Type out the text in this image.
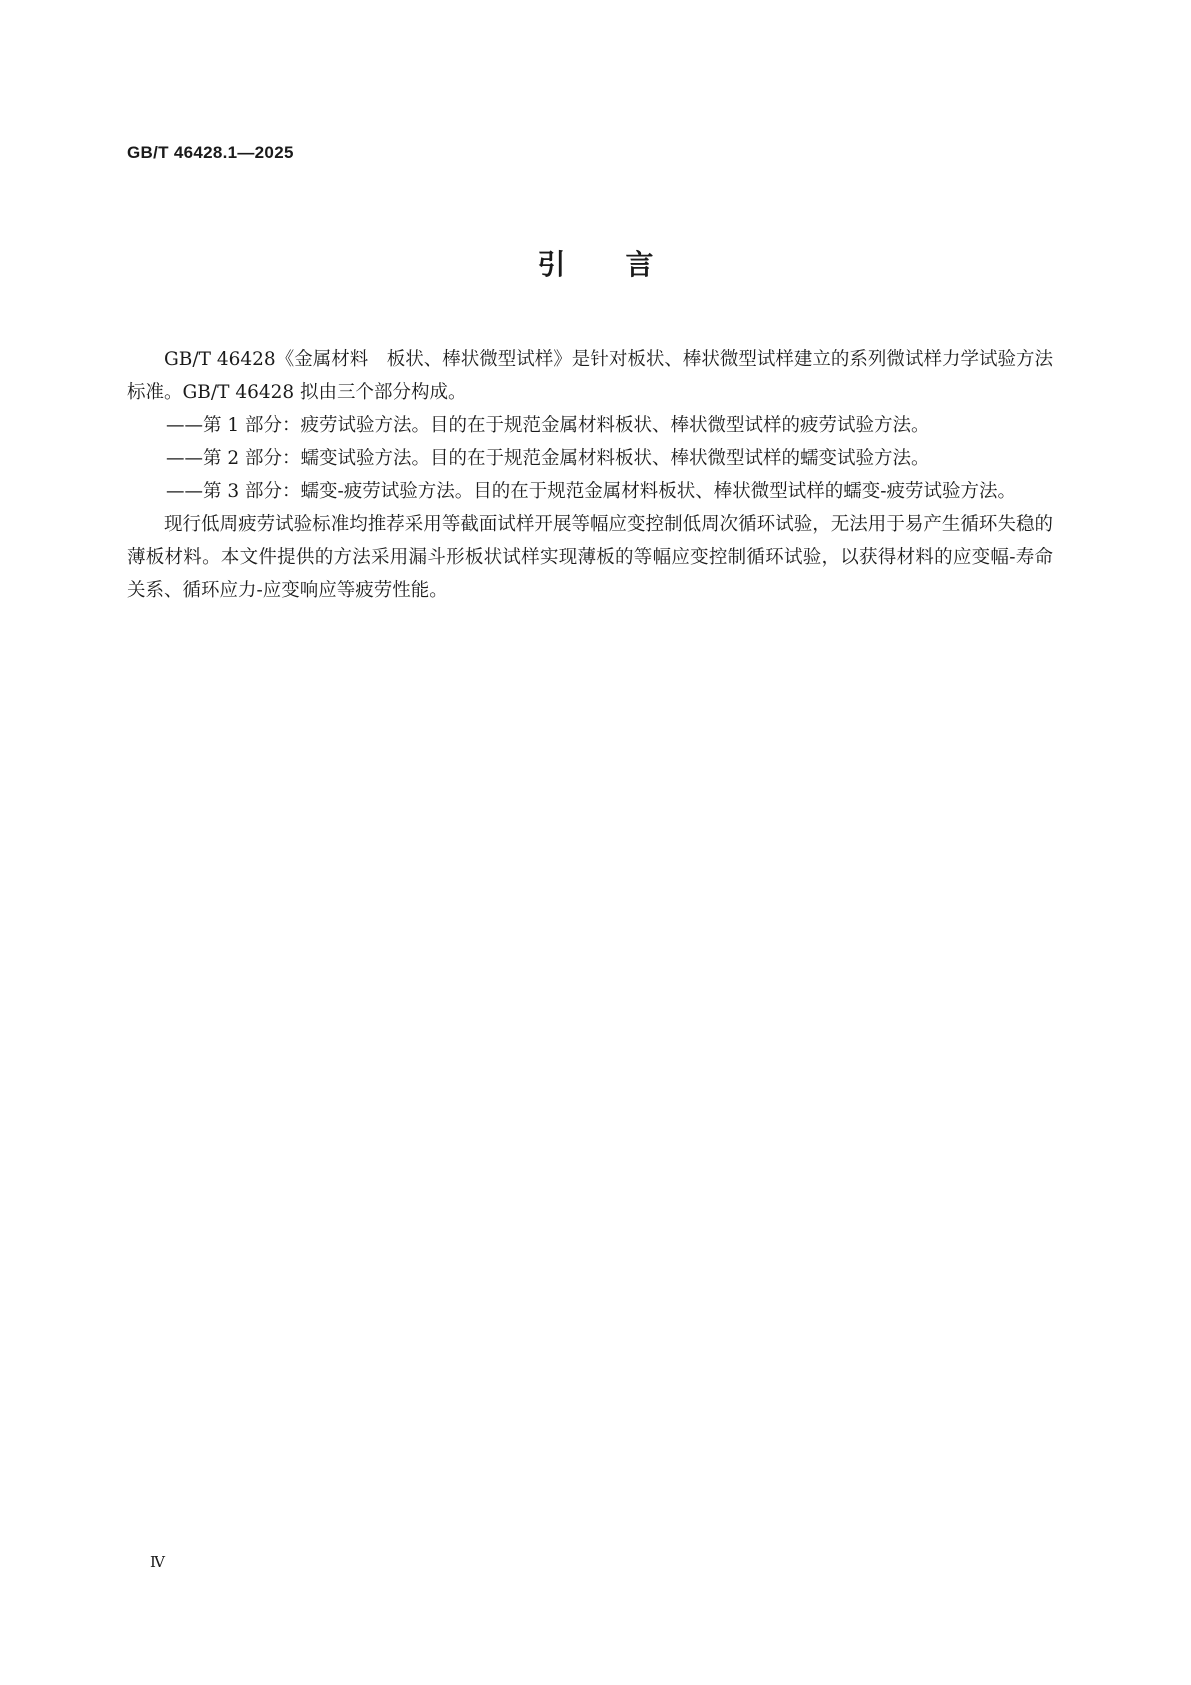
GB/T 46428.1—2025
引言

GB/T 46428《金属材料　板状、棒状微型试样》是针对板状、棒状微型试样建立的系列微试样力学试验方法标准。GB/T 46428 拟由三个部分构成。

——第 1 部分：疲劳试验方法。目的在于规范金属材料板状、棒状微型试样的疲劳试验方法。

——第 2 部分：蠕变试验方法。目的在于规范金属材料板状、棒状微型试样的蠕变试验方法。

——第 3 部分：蠕变-疲劳试验方法。目的在于规范金属材料板状、棒状微型试样的蠕变-疲劳试验方法。

现行低周疲劳试验标准均推荐采用等截面试样开展等幅应变控制低周次循环试验，无法用于易产生循环失稳的薄板材料。本文件提供的方法采用漏斗形板状试样实现薄板的等幅应变控制循环试验，以获得材料的应变幅-寿命关系、循环应力-应变响应等疲劳性能。

Ⅳ
